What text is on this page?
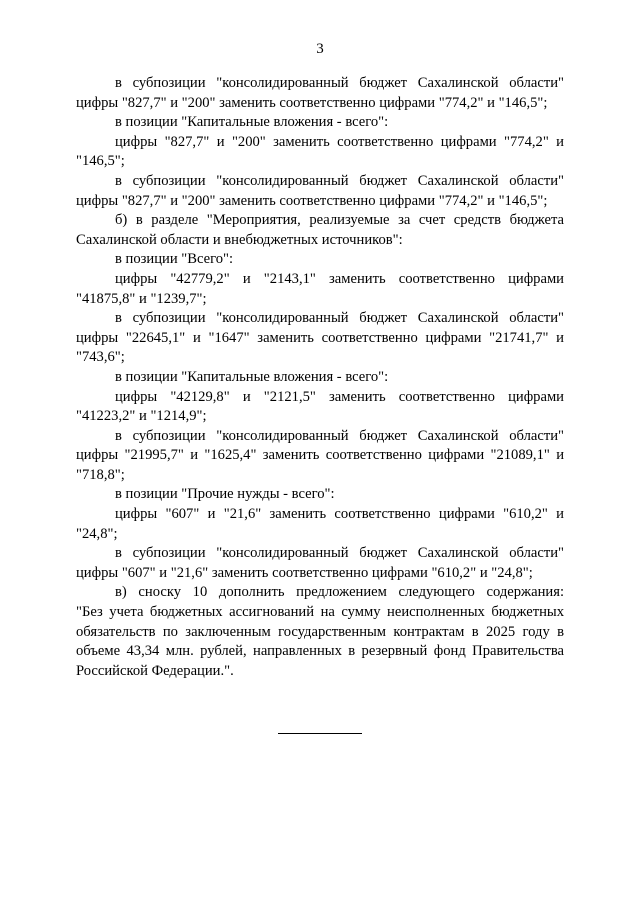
3

в субпозиции "консолидированный бюджет Сахалинской области" цифры "827,7" и "200" заменить соответственно цифрами "774,2" и "146,5";

в позиции "Капитальные вложения - всего":

цифры "827,7" и "200" заменить соответственно цифрами "774,2" и "146,5";

в субпозиции "консолидированный бюджет Сахалинской области" цифры "827,7" и "200" заменить соответственно цифрами "774,2" и "146,5";

б) в разделе "Мероприятия, реализуемые за счет средств бюджета Сахалинской области и внебюджетных источников":

в позиции "Всего":

цифры "42779,2" и "2143,1" заменить соответственно цифрами "41875,8" и "1239,7";

в субпозиции "консолидированный бюджет Сахалинской области" цифры "22645,1" и "1647" заменить соответственно цифрами "21741,7" и "743,6";

в позиции "Капитальные вложения - всего":

цифры "42129,8" и "2121,5" заменить соответственно цифрами "41223,2" и "1214,9";

в субпозиции "консолидированный бюджет Сахалинской области" цифры "21995,7" и "1625,4" заменить соответственно цифрами "21089,1" и "718,8";

в позиции "Прочие нужды - всего":

цифры "607" и "21,6" заменить соответственно цифрами "610,2" и "24,8";

в субпозиции "консолидированный бюджет Сахалинской области" цифры "607" и "21,6" заменить соответственно цифрами "610,2" и "24,8";

в) сноску 10 дополнить предложением следующего содержания:

"Без учета бюджетных ассигнований на сумму неисполненных бюджетных обязательств по заключенным государственным контрактам в 2025 году в объеме 43,34 млн. рублей, направленных в резервный фонд Правительства Российской Федерации.".
